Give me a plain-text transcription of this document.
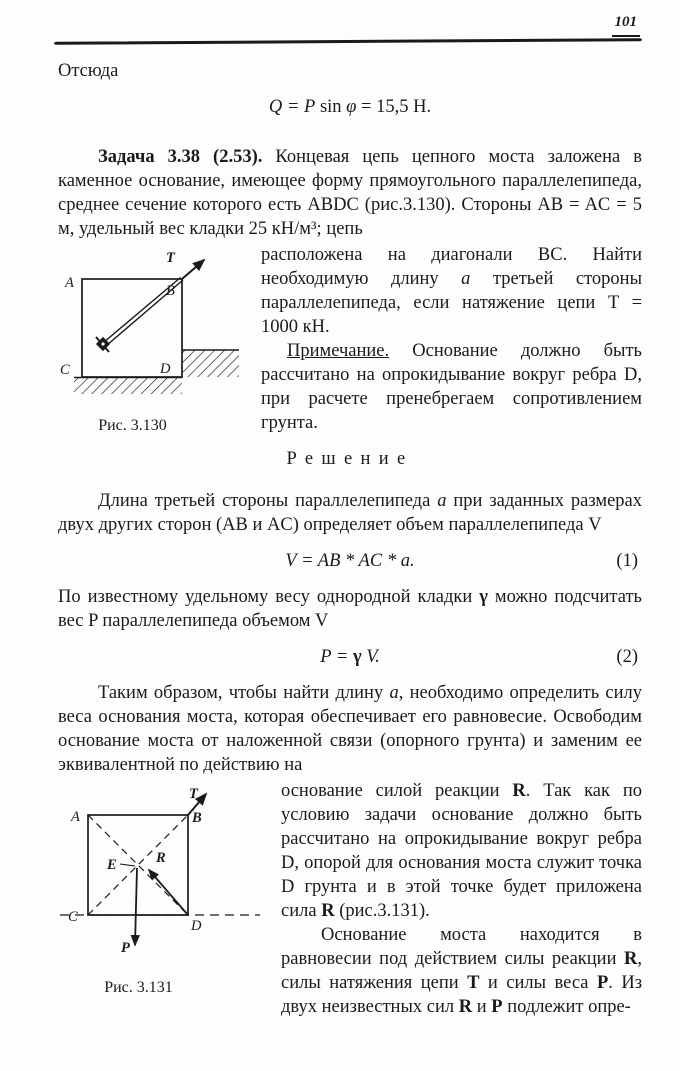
101

Отсюда

Q = P sin φ = 15,5 Н.

Задача 3.38 (2.53). Концевая цепь цепного моста заложена в каменное основание, имеющее форму прямоугольного параллелепипеда, среднее сечение которого есть ABDC (рис.3.130). Стороны AB = AC = 5 м, удельный вес кладки 25 кН/м³; цепь

A	B
C	D
T
Рис. 3.130

расположена на диагонали BC. Найти необходимую длину а третьей стороны параллелепипеда, если натяжение цепи T = 1000 кН.

Примечание. Основание должно быть рассчитано на опрокидывание вокруг ребра D, при расчете пренебрегаем сопротивлением грунта.

Решение

Длина третьей стороны параллелепипеда а при заданных размерах двух других сторон (AB и AC) определяет объем параллелепипеда V

V = AB * AC * a.	(1)

По известному удельному весу однородной кладки γ можно подсчитать вес P параллелепипеда объемом V

P = γ V.	(2)

Таким образом, чтобы найти длину а, необходимо определить силу веса основания моста, которая обеспечивает его равновесие. Освободим основание моста от наложенной связи (опорного грунта) и заменим ее эквивалентной по действию на

A	B
C
D
E
T
R
P
Рис. 3.131

основание силой реакции R. Так как по условию задачи основание должно быть рассчитано на опрокидывание вокруг ребра D, опорой для основания моста служит точка D грунта и в этой точке будет приложена сила R (рис.3.131).

Основание моста находится в равновесии под действием силы реакции R, силы натяжения цепи T и силы веса P. Из двух неизвестных сил R и P подлежит опре-
